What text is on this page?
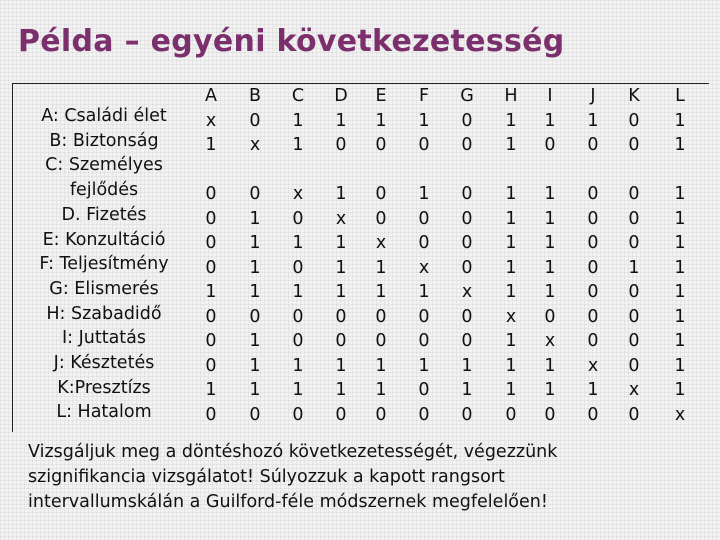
Példa – egyéni következetesség
A: Családi élet
B: Biztonság
C: Személyes
fejlődés
D. Fizetés
E: Konzultáció
F: Teljesítmény
G: Elismerés
H: Szabadidő
I: Juttatás
J: Késztetés
K:Presztízs
L: Hatalom
A
x
1
0
0
0
0
1
0
0
0
1
0
B
0
x
0
1
1
1
1
0
1
1
1
0
C
1
1
x
0
1
0
1
0
0
1
1
0
D
1
0
1
x
1
1
1
0
0
1
1
0
E
1
0
0
0
x
1
1
0
0
1
1
0
F
1
0
1
0
0
x
1
0
0
1
0
0
G
0
0
0
0
0
0
x
0
0
1
1
0
H
1
1
1
1
1
1
1
x
1
1
1
0
I
1
0
1
1
1
1
1
0
x
1
1
0
J
1
0
0
0
0
0
0
0
0
x
1
0
K
0
0
0
0
0
1
0
0
0
0
x
0
L
1
1
1
1
1
1
1
1
1
1
1
x
Vizsgáljuk meg a döntéshozó következetességét, végezzünk
szignifikancia vizsgálatot! Súlyozzuk a kapott rangsort
intervallumskálán a Guilford-féle módszernek megfelelően!
